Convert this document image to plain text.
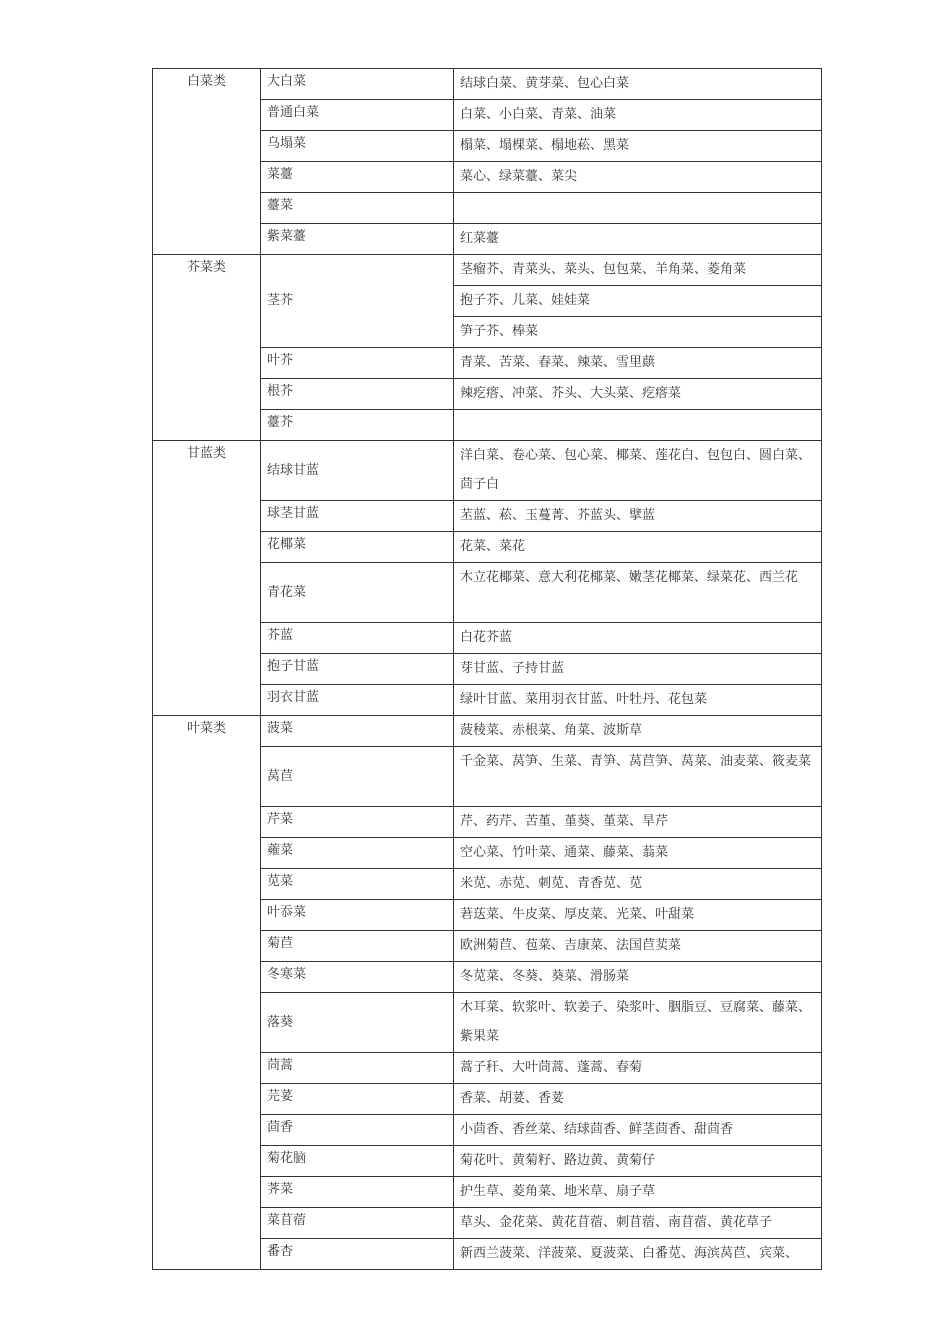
白菜类	大白菜	结球白菜、黄芽菜、包心白菜

	普通白菜	白菜、小白菜、青菜、油菜

	乌塌菜	榻菜、塌棵菜、榻地菘、黑菜

	菜薹	菜心、绿菜薹、菜尖

	薹菜	

	紫菜薹	红菜薹

芥菜类	茎芥	茎瘤芥、青菜头、菜头、包包菜、羊角菜、菱角菜
抱子芥、儿菜、娃娃菜
笋子芥、棒菜

	叶芥	青菜、苦菜、春菜、辣菜、雪里蕻

	根芥	辣疙瘩、冲菜、芥头、大头菜、疙瘩菜

	薹芥	

甘蓝类	结球甘蓝	洋白菜、卷心菜、包心菜、椰菜、莲花白、包包白、圆白菜、茴子白

	球茎甘蓝	苤蓝、菘、玉蔓菁、芥蓝头、擘蓝

	花椰菜	花菜、菜花

	青花菜	木立花椰菜、意大利花椰菜、嫩茎花椰菜、绿菜花、西兰花

	芥蓝	白花芥蓝

	抱子甘蓝	芽甘蓝、子持甘蓝

	羽衣甘蓝	绿叶甘蓝、菜用羽衣甘蓝、叶牡丹、花包菜

叶菜类	菠菜	菠稜菜、赤根菜、角菜、波斯草

	莴苣	千金菜、莴笋、生菜、青笋、莴苣笋、莴菜、油麦菜、筱麦菜

	芹菜	芹、药芹、苦堇、堇葵、堇菜、旱芹

	蕹菜	空心菜、竹叶菜、通菜、藤菜、蓊菜

	苋菜	米苋、赤苋、刺苋、青香苋、苋

	叶忝菜	莙荙菜、牛皮菜、厚皮菜、光菜、叶甜菜

	菊苣	欧洲菊苣、苞菜、吉康菜、法国苣荬菜

	冬寒菜	冬苋菜、冬葵、葵菜、滑肠菜

	落葵	木耳菜、软浆叶、软姜子、染浆叶、胭脂豆、豆腐菜、藤菜、紫果菜

	茼蒿	蒿子秆、大叶茼蒿、蓬蒿、春菊

	芫荽	香菜、胡荽、香荽

	茴香	小茴香、香丝菜、结球茴香、鲜茎茴香、甜茴香

	菊花脑	菊花叶、黄菊籽、路边黄、黄菊仔

	荠菜	护生草、菱角菜、地米草、扇子草

	菜苜蓿	草头、金花菜、黄花苜蓿、刺苜蓿、南苜蓿、黄花草子

	番杏	新西兰菠菜、洋菠菜、夏菠菜、白番苋、海滨莴苣、宾菜、
